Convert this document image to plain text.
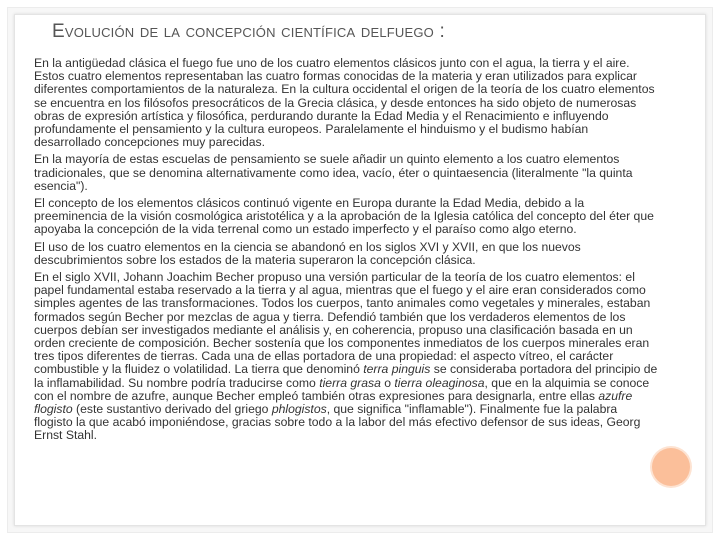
Evolución de la concepción científica delfuego :

En la antigüedad clásica el fuego fue uno de los cuatro elementos clásicos junto con el agua, la tierra y el aire. Estos cuatro elementos representaban las cuatro formas conocidas de la materia y eran utilizados para explicar diferentes comportamientos de la naturaleza. En la cultura occidental el origen de la teoría de los cuatro elementos se encuentra en los filósofos presocráticos de la Grecia clásica, y desde entonces ha sido objeto de numerosas obras de expresión artística y filosófica, perdurando durante la Edad Media y el Renacimiento e influyendo profundamente el pensamiento y la cultura europeos. Paralelamente el hinduismo y el budismo habían desarrollado concepciones muy parecidas.

En la mayoría de estas escuelas de pensamiento se suele añadir un quinto elemento a los cuatro elementos tradicionales, que se denomina alternativamente como idea, vacío, éter o quintaesencia (literalmente "la quinta esencia").

El concepto de los elementos clásicos continuó vigente en Europa durante la Edad Media, debido a la preeminencia de la visión cosmológica aristotélica y a la aprobación de la Iglesia católica del concepto del éter que apoyaba la concepción de la vida terrenal como un estado imperfecto y el paraíso como algo eterno.

El uso de los cuatro elementos en la ciencia se abandonó en los siglos XVI y XVII, en que los nuevos descubrimientos sobre los estados de la materia superaron la concepción clásica.

En el siglo XVII, Johann Joachim Becher propuso una versión particular de la teoría de los cuatro elementos: el papel fundamental estaba reservado a la tierra y al agua, mientras que el fuego y el aire eran considerados como simples agentes de las transformaciones. Todos los cuerpos, tanto animales como vegetales y minerales, estaban formados según Becher por mezclas de agua y tierra. Defendió también que los verdaderos elementos de los cuerpos debían ser investigados mediante el análisis y, en coherencia, propuso una clasificación basada en un orden creciente de composición. Becher sostenía que los componentes inmediatos de los cuerpos minerales eran tres tipos diferentes de tierras. Cada una de ellas portadora de una propiedad: el aspecto vítreo, el carácter combustible y la fluidez o volatilidad. La tierra que denominó terra pinguis se consideraba portadora del principio de la inflamabilidad. Su nombre podría traducirse como tierra grasa o tierra oleaginosa, que en la alquimia se conoce con el nombre de azufre, aunque Becher empleó también otras expresiones para designarla, entre ellas azufre flogisto (este sustantivo derivado del griego phlogistos, que significa "inflamable"). Finalmente fue la palabra flogisto la que acabó imponiéndose, gracias sobre todo a la labor del más efectivo defensor de sus ideas, Georg Ernst Stahl.
